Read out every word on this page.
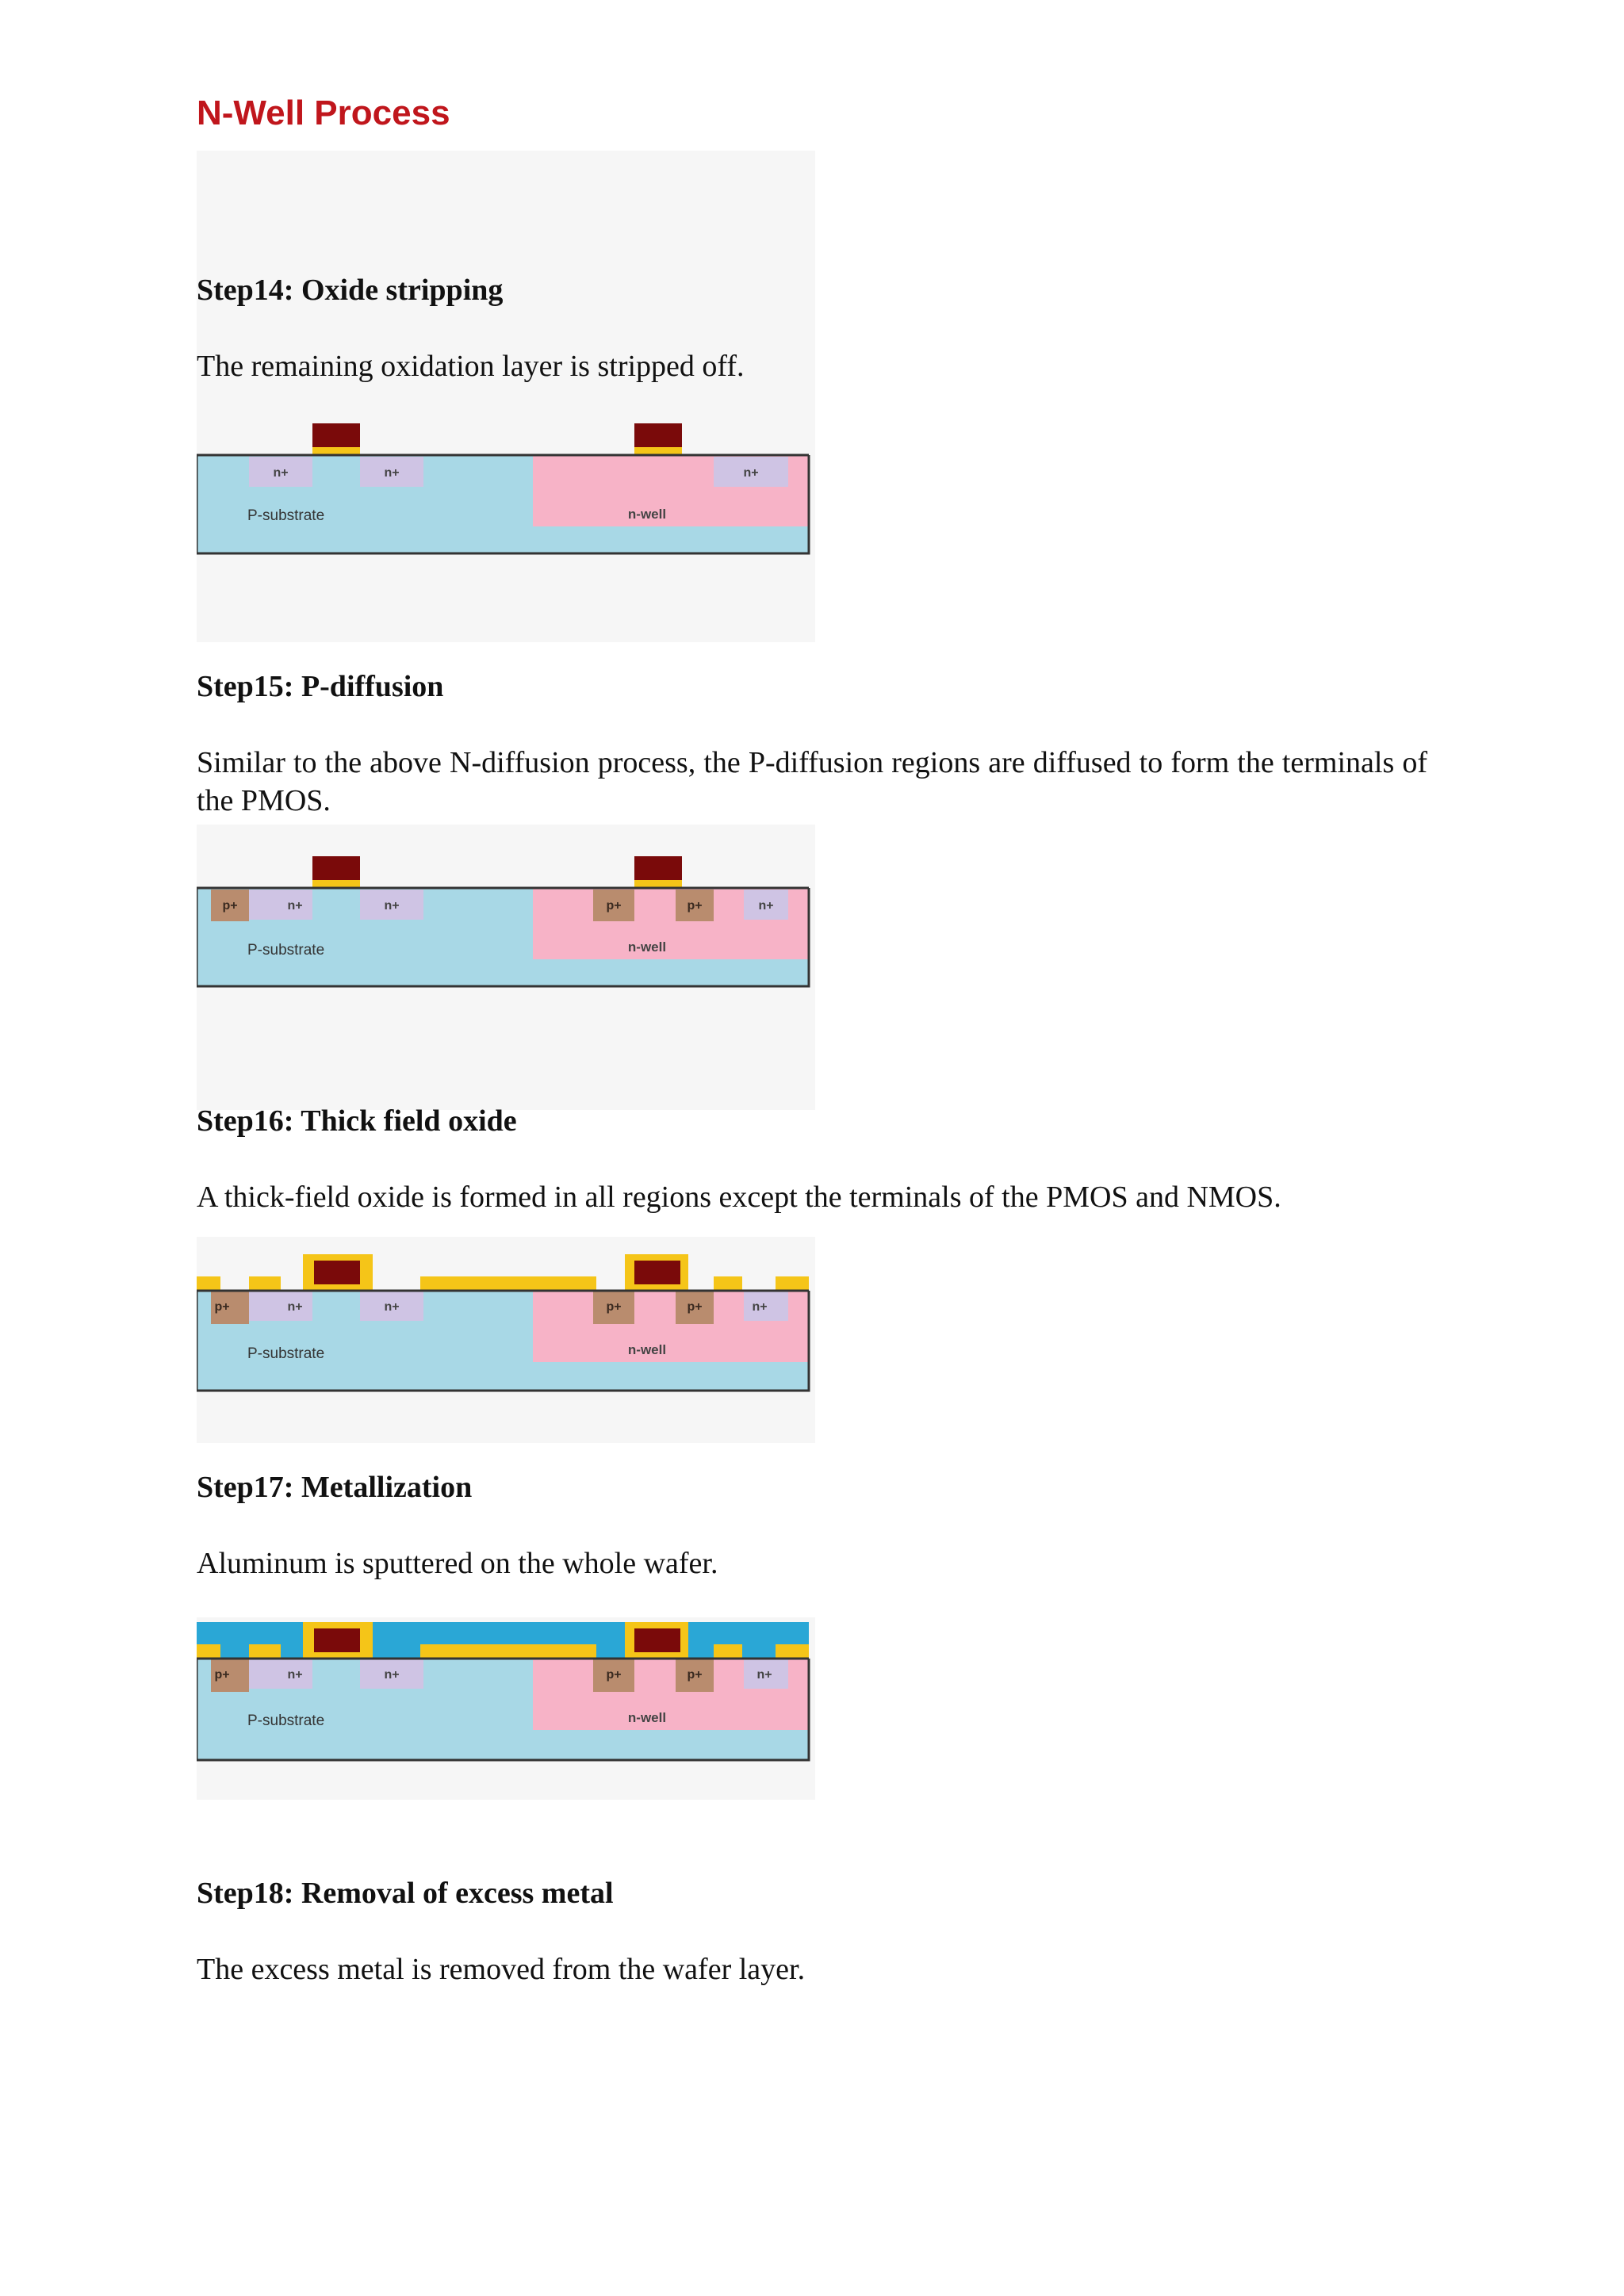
N-Well Process
Step14: Oxide stripping

The remaining oxidation layer is stripped off.

n+	n+	n+
P-substrate	n-well
Step15: P-diffusion

Similar to the above N-diffusion process, the P-diffusion regions are diffused to form the terminals of the PMOS.

p+	n+	n+	p+	p+	n+
P-substrate	n-well
Step16: Thick field oxide

A thick-field oxide is formed in all regions except the terminals of the PMOS and NMOS.

p+	n+	n+	p+	p+	n+
P-substrate	n-well
Step17: Metallization

Aluminum is sputtered on the whole wafer.

p+	n+	n+	p+	p+	n+
P-substrate	n-well
Step18: Removal of excess metal

The excess metal is removed from the wafer layer.
